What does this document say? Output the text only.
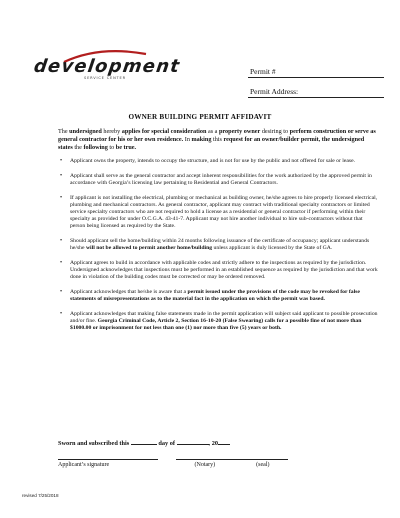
development
SERVICE CENTER
Permit #
Permit Address:
OWNER BUILDING PERMIT AFFIDAVIT
The undersigned hereby applies for special consideration as a property owner desiring to perform construction or serve as general contractor for his or her own residence. In making this request for an owner/builder permit, the undersigned states the following to be true.
• Applicant owns the property, intends to occupy the structure, and is not for use by the public and not offered for sale or lease.
• Applicant shall serve as the general contractor and accept inherent responsibilities for the work authorized by the approved permit in accordance with Georgia’s licensing law pertaining to Residential and General Contractors.
• If applicant is not installing the electrical, plumbing or mechanical as building owner, he/she agrees to hire properly licensed electrical, plumbing and mechanical contractors. As general contractor, applicant may contract with traditional specialty contractors or limited service specialty contractors who are not required to hold a license as a residential or general contractor if performing within their specialty as provided for under O.C.G.A. 43-41-7. Applicant may not hire another individual to hire sub-contractors without that person being licensed as required by the State.
• Should applicant sell the home/building within 24 months following issuance of the certificate of occupancy; applicant understands he/she will not be allowed to permit another home/building unless applicant is duly licensed by the State of GA.
• Applicant agrees to build in accordance with applicable codes and strictly adhere to the inspections as required by the jurisdiction. Undersigned acknowledges that inspections must be performed in an established sequence as required by the jurisdiction and that work done in violation of the building codes must be corrected or may be ordered removed.
• Applicant acknowledges that he/she is aware that a permit issued under the provisions of the code may be revoked for false statements of misrepresentations as to the material fact in the application on which the permit was based.
• Applicant acknowledges that making false statements made in the permit application will subject said applicant to possible prosecution and/or fine. Georgia Criminal Code, Article 2, Section 16-10-20 (False Swearing) calls for a possible fine of not more than $1000.00 or imprisonment for not less than one (1) nor more than five (5) years or both.
Sworn and subscribed this	day of	, 20
Applicant’s signature	(Notary)	(seal)
revised 7/25/2018
